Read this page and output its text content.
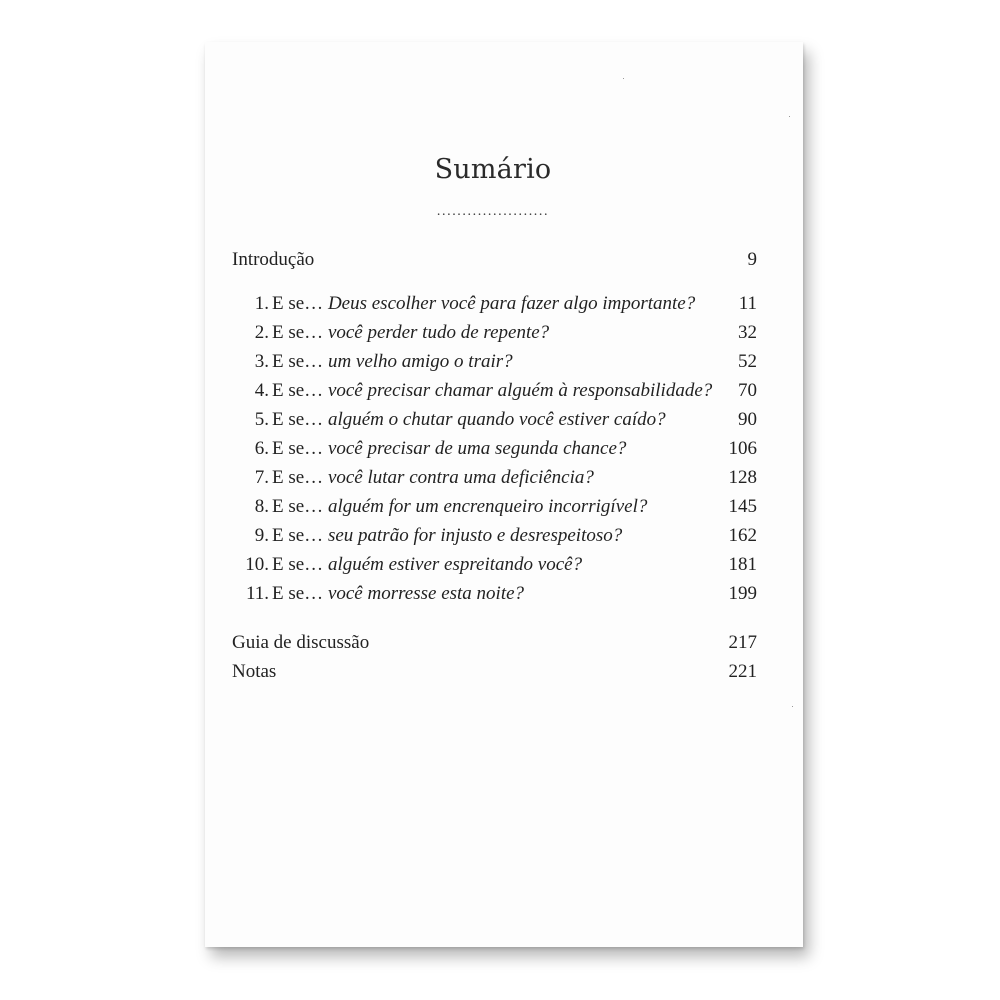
Sumário
......................
Introdução	9
1. E se… Deus escolher você para fazer algo importante? 11
2. E se… você perder tudo de repente?	32
3. E se… um velho amigo o trair?	52
4. E se… você precisar chamar alguém à responsabilidade? 70
5. E se… alguém o chutar quando você estiver caído?	90
6. E se… você precisar de uma segunda chance?	106
7. E se… você lutar contra uma deficiência?	128
8. E se… alguém for um encrenqueiro incorrigível?	145
9. E se… seu patrão for injusto e desrespeitoso?	162
10. E se… alguém estiver espreitando você?	181
11. E se… você morresse esta noite?	199
Guia de discussão	217
Notas	221
